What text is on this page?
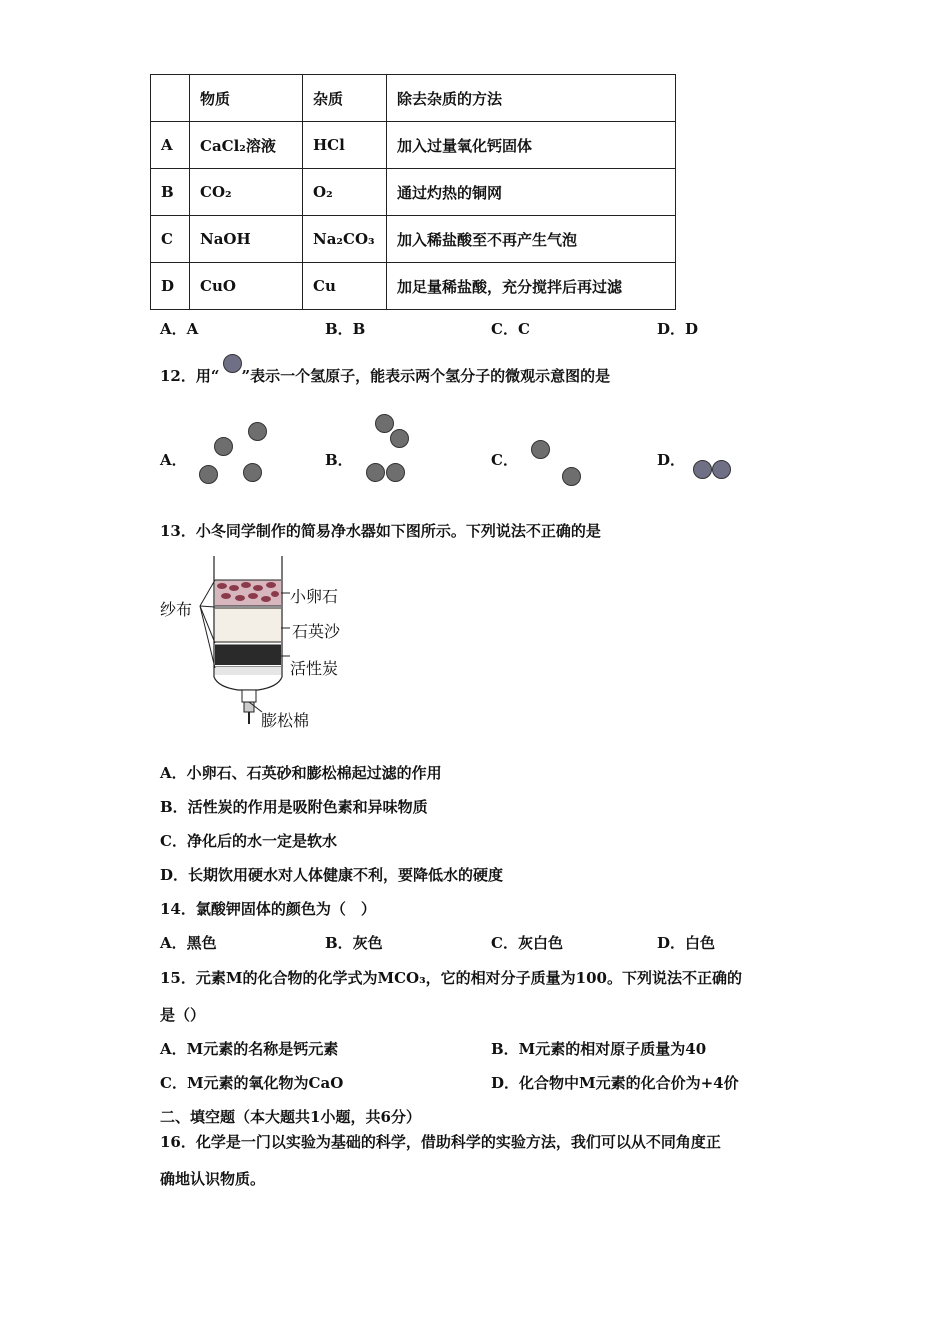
	物质	杂质	除去杂质的方法
A	CaCl₂溶液	HCl	加入过量氧化钙固体
B	CO₂	O₂	通过灼热的铜网
C	NaOH	Na₂CO₃	加入稀盐酸至不再产生气泡
D	CuO	Cu	加足量稀盐酸，充分搅拌后再过滤
A．A	B．B	C．C	D．D
12．用“ ”表示一个氢原子，能表示两个氢分子的微观示意图的是
A．	B．	C．	D．
13．小冬同学制作的简易净水器如下图所示。下列说法不正确的是
纱布
小卵石
石英沙
活性炭
膨松棉
A．小卵石、石英砂和膨松棉起过滤的作用
B．活性炭的作用是吸附色素和异味物质
C．净化后的水一定是软水
D．长期饮用硬水对人体健康不利，要降低水的硬度
14．氯酸钾固体的颜色为（　）
A．黑色	B．灰色	C．灰白色	D．白色
15．元素M的化合物的化学式为MCO₃，它的相对分子质量为100。下列说法不正确的
是（）
A．M元素的名称是钙元素	B．M元素的相对原子质量为40
C．M元素的氧化物为CaO	D．化合物中M元素的化合价为+4价
二、填空题（本大题共1小题，共6分）
16．化学是一门以实验为基础的科学，借助科学的实验方法，我们可以从不同角度正
确地认识物质。
